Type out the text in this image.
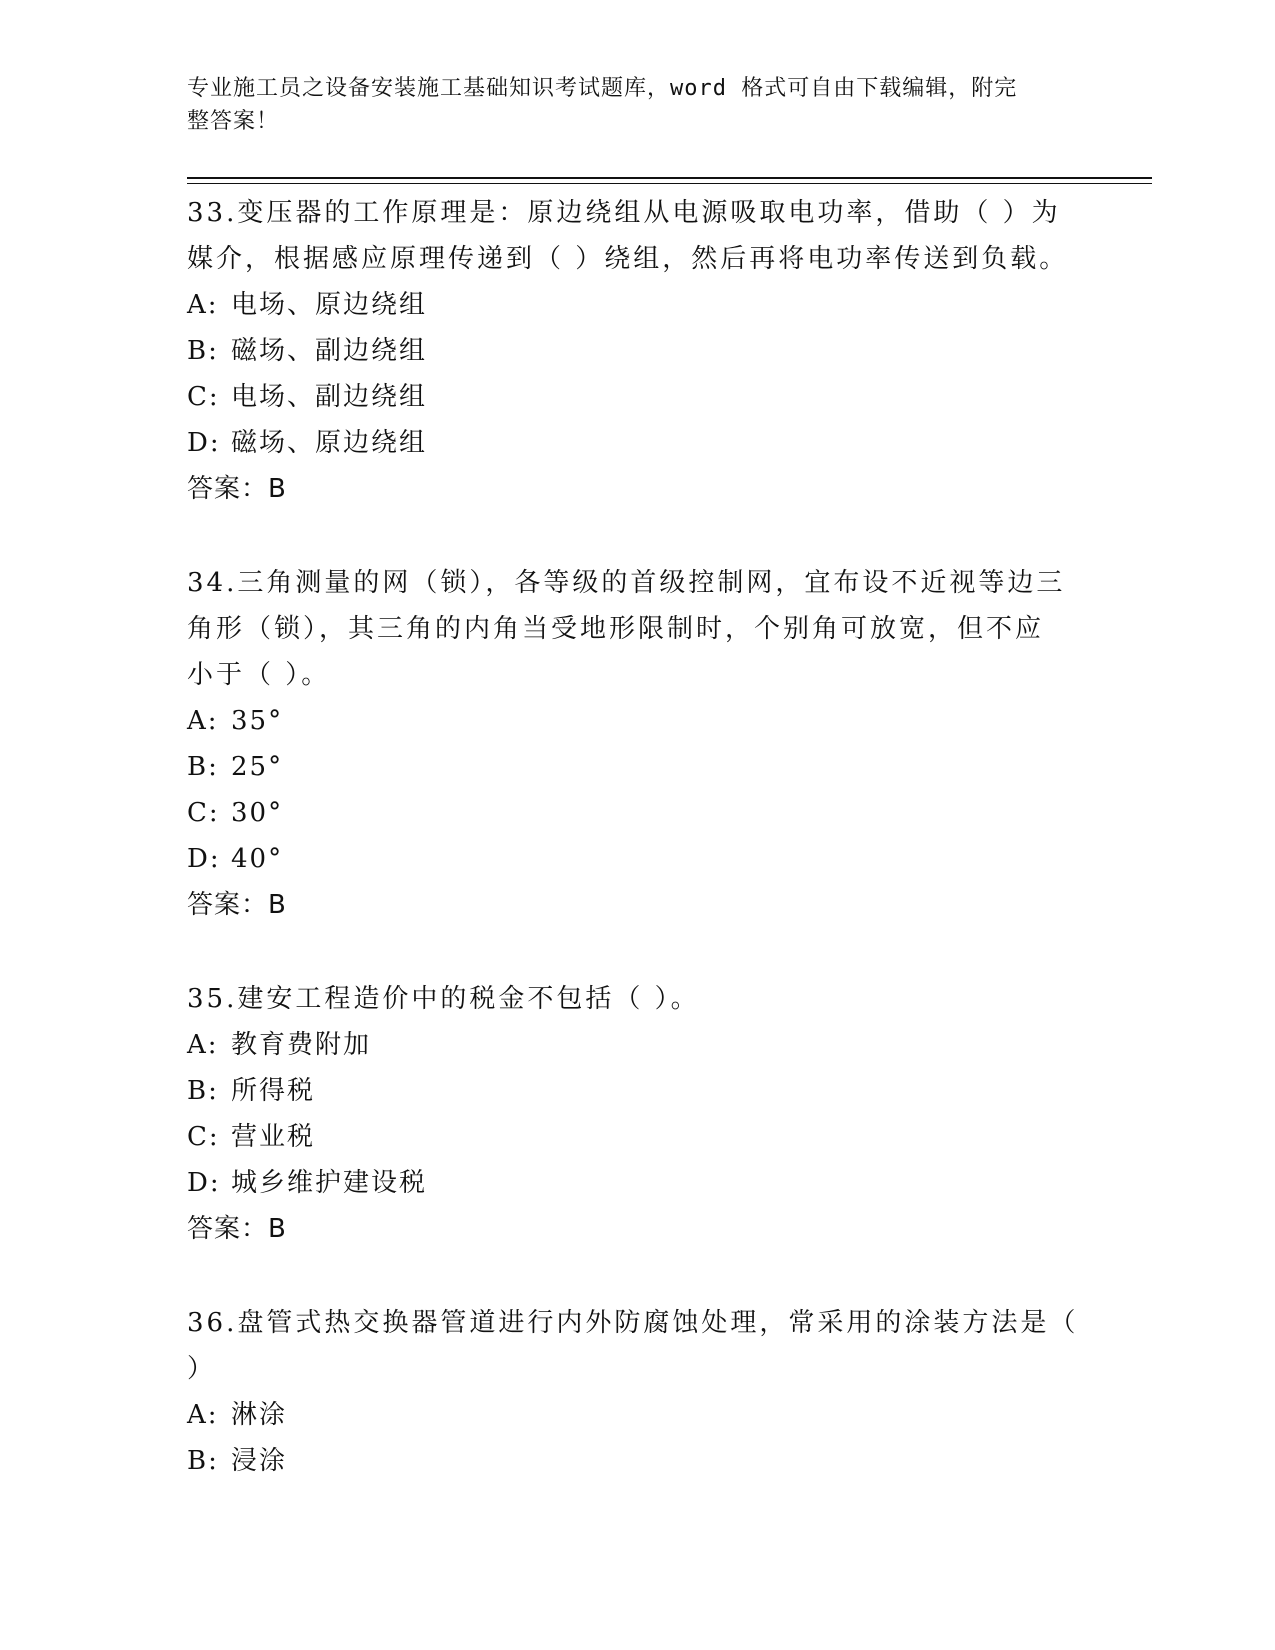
专业施工员之设备安装施工基础知识考试题库，word 格式可自由下载编辑，附完
整答案！
33.变压器的工作原理是：原边绕组从电源吸取电功率，借助（ ）为
媒介，根据感应原理传递到（ ）绕组，然后再将电功率传送到负载。
A: 电场、原边绕组
B: 磁场、副边绕组
C: 电场、副边绕组
D: 磁场、原边绕组
答案：B
34.三角测量的网（锁），各等级的首级控制网，宜布设不近视等边三
角形（锁），其三角的内角当受地形限制时，个别角可放宽，但不应
小于（ ）。
A: 35°
B: 25°
C: 30°
D: 40°
答案：B
35.建安工程造价中的税金不包括（ ）。
A: 教育费附加
B: 所得税
C: 营业税
D: 城乡维护建设税
答案：B
36.盘管式热交换器管道进行内外防腐蚀处理，常采用的涂装方法是（
）
A: 淋涂
B: 浸涂
